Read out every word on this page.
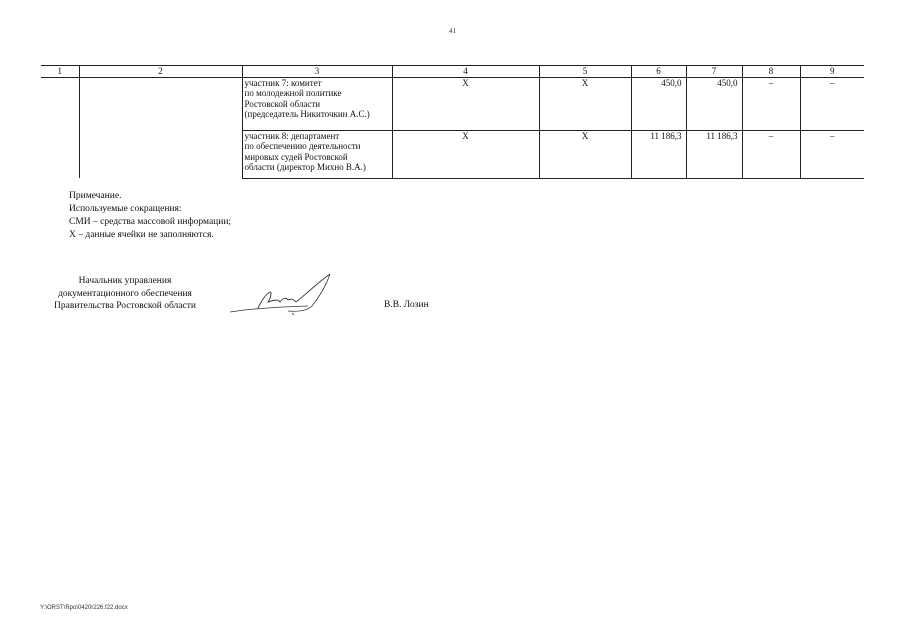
41
1	2	3	4	5	6	7	8	9
		участник 7: комитет
по молодежной политике
Ростовской области
(председатель Никиточкин А.С.)	Х	Х	450,0	450,0	–	–
		участник 8: департамент
по обеспечению деятельности
мировых судей Ростовской
области (директор Михно В.А.)	Х	Х	11 186,3	11 186,3	–	–
Примечание.
Используемые сокращения:
СМИ – средства массовой информации;
Х – данные ячейки не заполняются.
Начальник управления
документационного обеспечения
Правительства Ростовской области	В.В. Лозин
Y:\ORST\Rpo\0420r226.f22.docx
